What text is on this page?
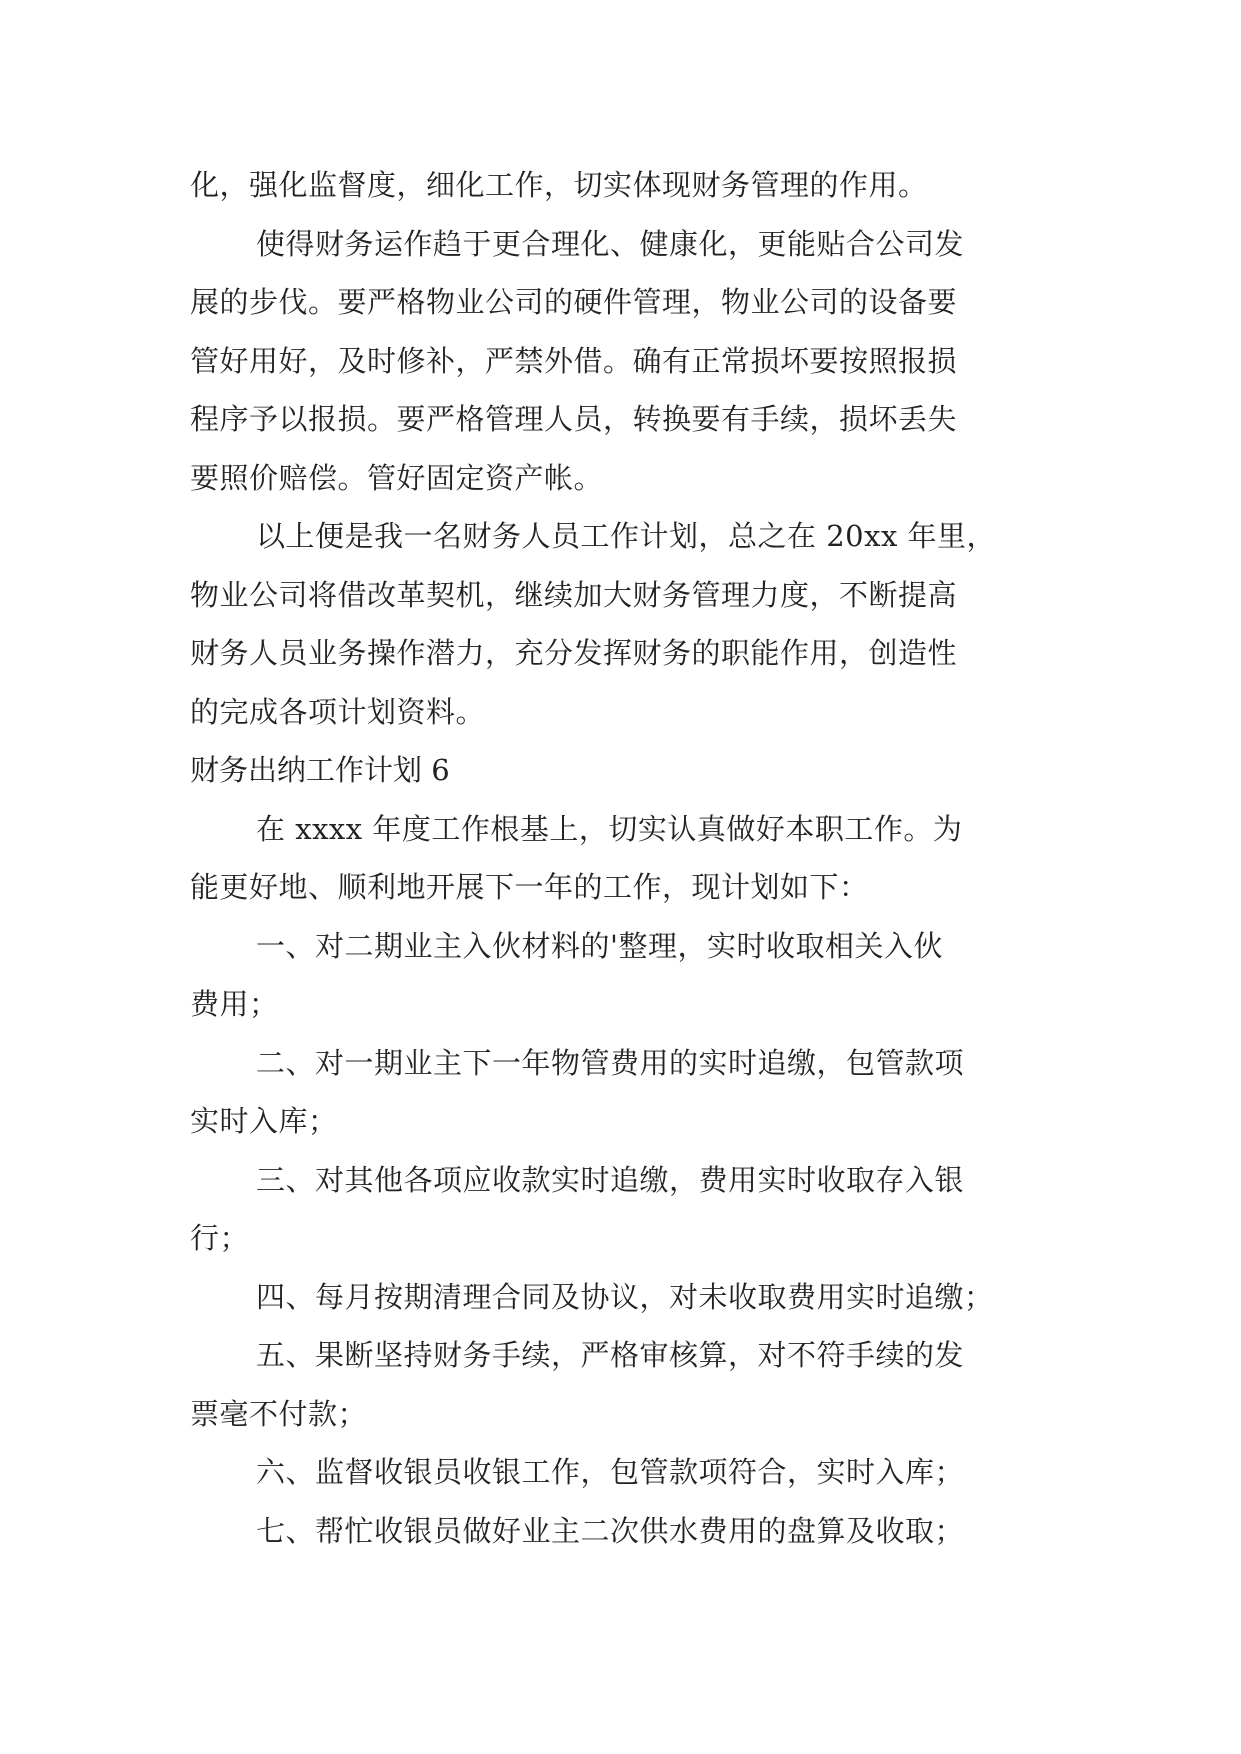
化，强化监督度，细化工作，切实体现财务管理的作用。
使得财务运作趋于更合理化、健康化，更能贴合公司发
展的步伐。要严格物业公司的硬件管理，物业公司的设备要
管好用好，及时修补，严禁外借。确有正常损坏要按照报损
程序予以报损。要严格管理人员，转换要有手续，损坏丢失
要照价赔偿。管好固定资产帐。
以上便是我一名财务人员工作计划，总之在 20xx 年里，
物业公司将借改革契机，继续加大财务管理力度，不断提高
财务人员业务操作潜力，充分发挥财务的职能作用，创造性
的完成各项计划资料。
财务出纳工作计划 6
在 xxxx 年度工作根基上，切实认真做好本职工作。为
能更好地、顺利地开展下一年的工作，现计划如下：
一、对二期业主入伙材料的'整理，实时收取相关入伙
费用；
二、对一期业主下一年物管费用的实时追缴，包管款项
实时入库；
三、对其他各项应收款实时追缴，费用实时收取存入银
行；
四、每月按期清理合同及协议，对未收取费用实时追缴；
五、果断坚持财务手续，严格审核算，对不符手续的发
票毫不付款；
六、监督收银员收银工作，包管款项符合，实时入库；
七、帮忙收银员做好业主二次供水费用的盘算及收取；
